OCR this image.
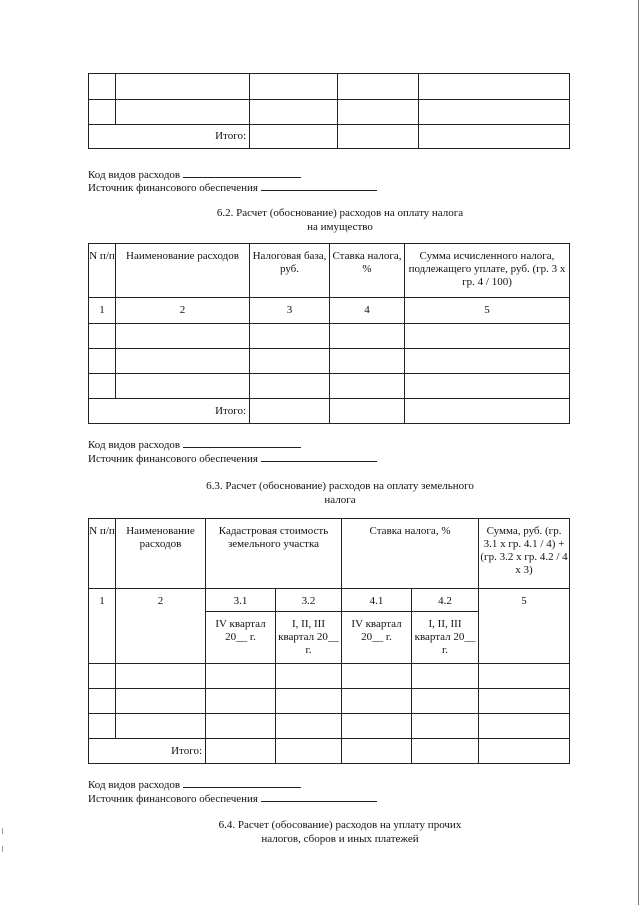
Итого:				
Код видов расходов
Источник финансового обеспечения
6.2. Расчет (обоснование) расходов на оплату налога
на имущество
N п/п	Наименование расходов	Налоговая база, руб.	Ставка налога, %	Сумма исчисленного налога, подлежащего уплате, руб. (гр. 3 x гр. 4 / 100)
1	2	3	4	5

Итого:				
Код видов расходов
Источник финансового обеспечения
6.3. Расчет (обоснование) расходов на оплату земельного
налога
N п/п	Наименование расходов	Кадастровая стоимость земельного участка		Ставка налога, %		Сумма, руб. (гр. 3.1 x гр. 4.1 / 4) + (гр. 3.2 x гр. 4.2 / 4 x 3)
1	2	3.1	3.2	4.1	4.2	5
		IV квартал 20__ г.	I, II, III квартал 20__ г.	IV квартал 20__ г.	I, II, III квартал 20__ г.	

Итого:						
Код видов расходов
Источник финансового обеспечения
6.4. Расчет (обосование) расходов на уплату прочих
налогов, сборов и иных платежей
